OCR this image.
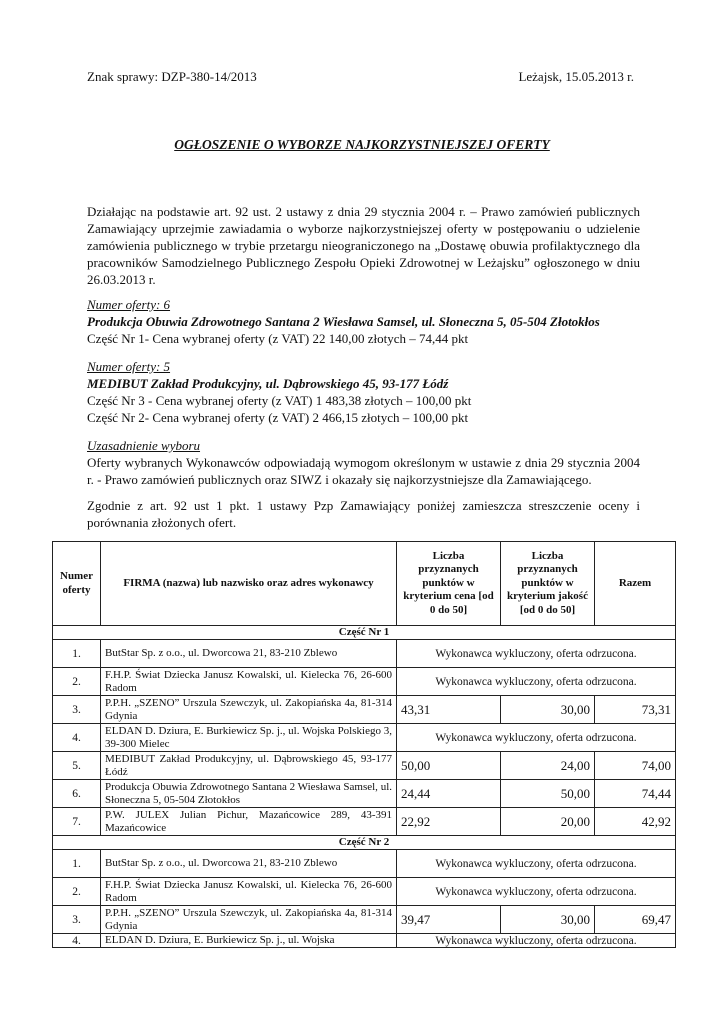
Znak sprawy: DZP-380-14/2013	Leżajsk, 15.05.2013 r.
OGŁOSZENIE O WYBORZE NAJKORZYSTNIEJSZEJ OFERTY
Działając na podstawie art. 92 ust. 2 ustawy z dnia 29 stycznia 2004 r. – Prawo zamówień publicznych Zamawiający uprzejmie zawiadamia o wyborze najkorzystniejszej oferty w postępowaniu o udzielenie zamówienia publicznego w trybie przetargu nieograniczonego na „Dostawę obuwia profilaktycznego dla pracowników Samodzielnego Publicznego Zespołu Opieki Zdrowotnej w Leżajsku” ogłoszonego w dniu 26.03.2013 r.
Numer oferty: 6
Produkcja Obuwia Zdrowotnego Santana 2 Wiesława Samsel, ul. Słoneczna 5, 05-504 Złotokłos
Część Nr 1- Cena wybranej oferty (z VAT) 22 140,00 złotych – 74,44 pkt
Numer oferty: 5
MEDIBUT Zakład Produkcyjny, ul. Dąbrowskiego 45, 93-177 Łódź
Część Nr 3 - Cena wybranej oferty (z VAT) 1 483,38 złotych – 100,00 pkt
Część Nr 2- Cena wybranej oferty (z VAT) 2 466,15 złotych – 100,00 pkt
Uzasadnienie wyboru
Oferty wybranych Wykonawców odpowiadają wymogom określonym w ustawie z dnia 29 stycznia 2004 r. - Prawo zamówień publicznych oraz SIWZ i okazały się najkorzystniejsze dla Zamawiającego.
Zgodnie z art. 92 ust 1 pkt. 1 ustawy Pzp Zamawiający poniżej zamieszcza streszczenie oceny i porównania złożonych ofert.
Numer oferty	FIRMA (nazwa) lub nazwisko oraz adres wykonawcy	Liczba przyznanych punktów w kryterium cena [od 0 do 50]	Liczba przyznanych punktów w kryterium jakość [od 0 do 50]	Razem
Część Nr 1				
1.	ButStar Sp. z o.o., ul. Dworcowa 21, 83-210 Zblewo	Wykonawca wykluczony, oferta odrzucona.		
2.	F.H.P. Świat Dziecka Janusz Kowalski, ul. Kielecka 76, 26-600 Radom	Wykonawca wykluczony, oferta odrzucona.		
3.	P.P.H. „SZENO” Urszula Szewczyk, ul. Zakopiańska 4a, 81-314 Gdynia	43,31	30,00	73,31
4.	ELDAN D. Dziura, E. Burkiewicz Sp. j., ul. Wojska Polskiego 3, 39-300 Mielec	Wykonawca wykluczony, oferta odrzucona.		
5.	MEDIBUT Zakład Produkcyjny, ul. Dąbrowskiego 45, 93-177 Łódź	50,00	24,00	74,00
6.	Produkcja Obuwia Zdrowotnego Santana 2 Wiesława Samsel, ul. Słoneczna 5, 05-504 Złotokłos	24,44	50,00	74,44
7.	P.W. JULEX Julian Pichur, Mazańcowice 289, 43-391 Mazańcowice	22,92	20,00	42,92
Część Nr 2				
1.	ButStar Sp. z o.o., ul. Dworcowa 21, 83-210 Zblewo	Wykonawca wykluczony, oferta odrzucona.		
2.	F.H.P. Świat Dziecka Janusz Kowalski, ul. Kielecka 76, 26-600 Radom	Wykonawca wykluczony, oferta odrzucona.		
3.	P.P.H. „SZENO” Urszula Szewczyk, ul. Zakopiańska 4a, 81-314 Gdynia	39,47	30,00	69,47
4.	ELDAN D. Dziura, E. Burkiewicz Sp. j., ul. Wojska	Wykonawca wykluczony, oferta odrzucona.		
